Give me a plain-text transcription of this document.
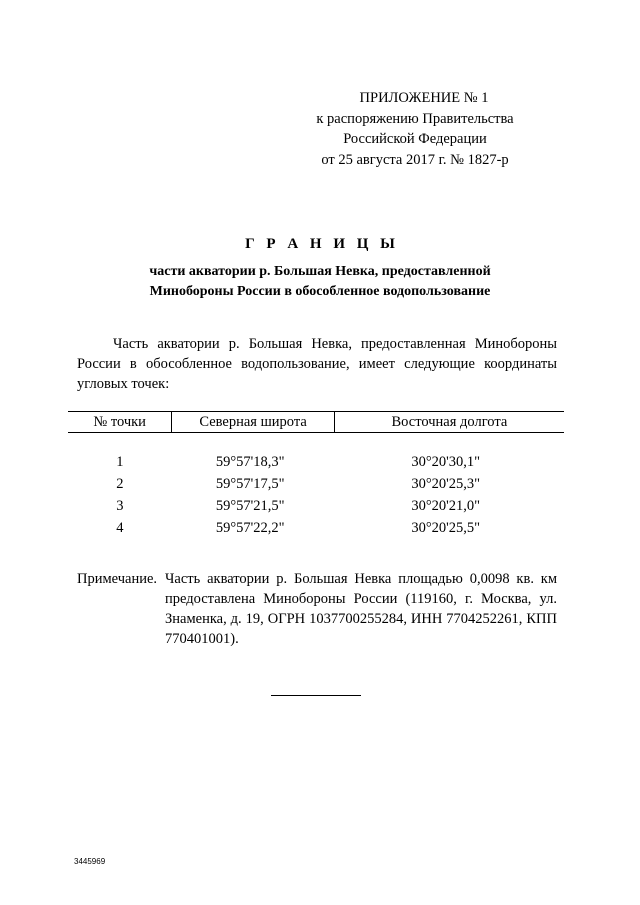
ПРИЛОЖЕНИЕ № 1
к распоряжению Правительства
Российской Федерации
от 25 августа 2017 г. № 1827-р
Г Р А Н И Ц Ы
части акватории р. Большая Невка, предоставленной
Минобороны России в обособленное водопользование
Часть акватории р. Большая Невка, предоставленная Минобороны России в обособленное водопользование, имеет следующие координаты угловых точек:
№ точки	Северная широта	Восточная долгота
1	59°57'18,3"	30°20'30,1"
2	59°57'17,5"	30°20'25,3"
3	59°57'21,5"	30°20'21,0"
4	59°57'22,2"	30°20'25,5"
Примечание. Часть акватории р. Большая Невка площадью 0,0098 кв. км предоставлена Минобороны России (119160, г. Москва, ул. Знаменка, д. 19, ОГРН 1037700255284, ИНН 7704252261, КПП 770401001).
3445969
